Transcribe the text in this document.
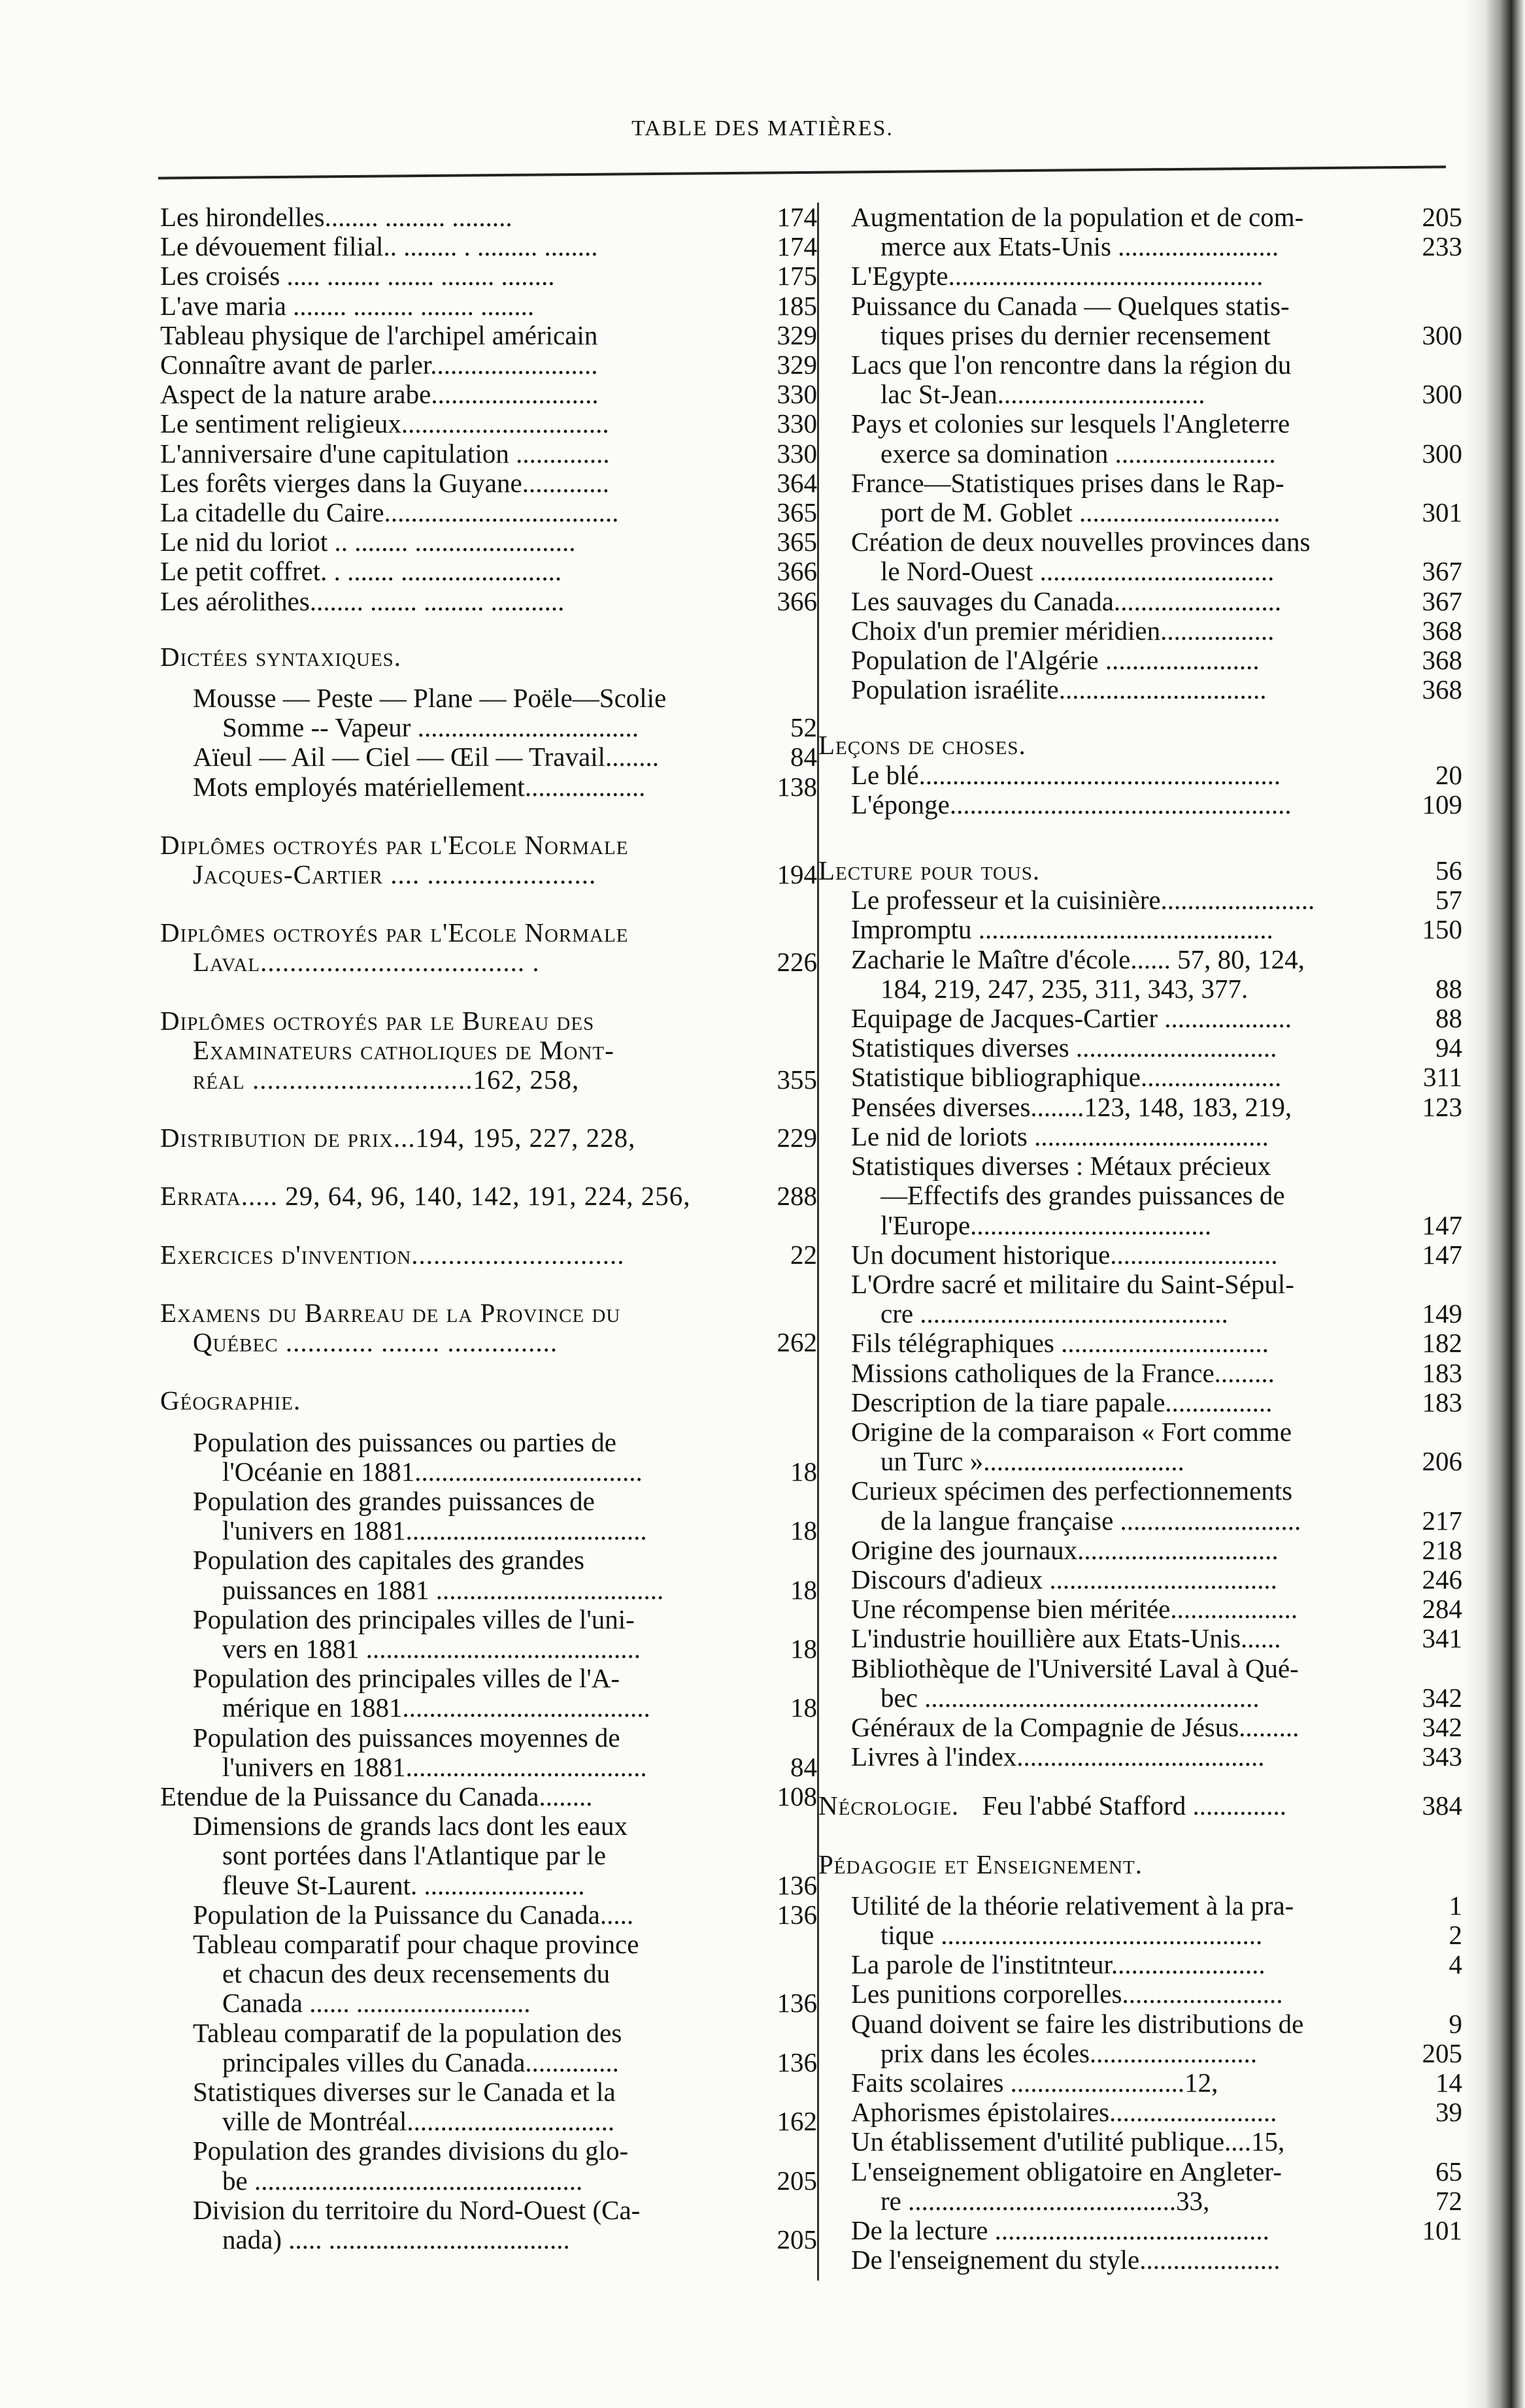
TABLE DES MATIÈRES.
Les hirondelles........ ......... .........	174
Le dévouement filial.. ........ . ......... ........	174
Les croisés ..... ........ ....... ........ ........	175
L'ave maria ........ ......... ........ ........	185
Tableau physique de l'archipel américain	329
Connaître avant de parler.........................	329
Aspect de la nature arabe.........................	330
Le sentiment religieux...............................	330
L'anniversaire d'une capitulation ..............	330
Les forêts vierges dans la Guyane.............	364
La citadelle du Caire...................................	365
Le nid du loriot .. ........ ........................	365
Le petit coffret. . ....... ........................	366
Les aérolithes........ ....... ......... ...........	366
Dictées syntaxiques.
Mousse — Peste — Plane — Poële—Scolie
Somme -- Vapeur .................................	52
Aïeul — Ail — Ciel — Œil — Travail........	84
Mots employés matériellement..................	138
Diplômes octroyés par l'Ecole Normale
Jacques-Cartier .... .......................	194
Diplômes octroyés par l'Ecole Normale
Laval.................................... .	226
Diplômes octroyés par le Bureau des
Examinateurs catholiques de Mont-
réal ..............................162, 258,	355
Distribution de prix...194, 195, 227, 228,	229
Errata..... 29, 64, 96, 140, 142, 191, 224, 256,	288
Exercices d'invention.............................	22
Examens du Barreau de la Province du
Québec ............ ........ ...............	262
Géographie.
Population des puissances ou parties de
l'Océanie en 1881..................................	18
Population des grandes puissances de
l'univers en 1881....................................	18
Population des capitales des grandes
puissances en 1881 ..................................	18
Population des principales villes de l'uni-
vers en 1881 .........................................	18
Population des principales villes de l'A-
mérique en 1881.....................................	18
Population des puissances moyennes de
l'univers en 1881....................................	84
Etendue de la Puissance du Canada........	108
Dimensions de grands lacs dont les eaux
sont portées dans l'Atlantique par le
fleuve St-Laurent. ........................	136
Population de la Puissance du Canada.....	136
Tableau comparatif pour chaque province
et chacun des deux recensements du
Canada ...... ..........................	136
Tableau comparatif de la population des
principales villes du Canada..............	136
Statistiques diverses sur le Canada et la
ville de Montréal...............................	162
Population des grandes divisions du glo-
be .................................................	205
Division du territoire du Nord-Ouest (Ca-
nada) ..... ....................................	205
Augmentation de la population et de com-	205
merce aux Etats-Unis ........................	233
L'Egypte...............................................
Puissance du Canada — Quelques statis-
tiques prises du dernier recensement	300
Lacs que l'on rencontre dans la région du
lac St-Jean...............................	300
Pays et colonies sur lesquels l'Angleterre
exerce sa domination ........................	300
France—Statistiques prises dans le Rap-
port de M. Goblet ..............................	301
Création de deux nouvelles provinces dans
le Nord-Ouest ...................................	367
Les sauvages du Canada.........................	367
Choix d'un premier méridien.................	368
Population de l'Algérie .......................	368
Population israélite...............................	368
Leçons de choses.
Le blé......................................................	20
L'éponge...................................................	109
Lecture pour tous.	56
Le professeur et la cuisinière.......................	57
Impromptu ............................................	150
Zacharie le Maître d'école...... 57, 80, 124,
184, 219, 247, 235, 311, 343, 377.	88
Equipage de Jacques-Cartier ...................	88
Statistiques diverses ..............................	94
Statistique bibliographique.....................	311
Pensées diverses........123, 148, 183, 219,	123
Le nid de loriots ...................................
Statistiques diverses : Métaux précieux
—Effectifs des grandes puissances de
l'Europe....................................	147
Un document historique.........................	147
L'Ordre sacré et militaire du Saint-Sépul-
cre ..............................................	149
Fils télégraphiques ...............................	182
Missions catholiques de la France.........	183
Description de la tiare papale................	183
Origine de la comparaison « Fort comme
un Turc »..............................	206
Curieux spécimen des perfectionnements
de la langue française ...........................	217
Origine des journaux..............................	218
Discours d'adieux ..................................	246
Une récompense bien méritée...................	284
L'industrie houillière aux Etats-Unis......	341
Bibliothèque de l'Université Laval à Qué-
bec ..................................................	342
Généraux de la Compagnie de Jésus.........	342
Livres à l'index.....................................	343
Nécrologie. Feu l'abbé Stafford ..............	384
Pédagogie et Enseignement.
Utilité de la théorie relativement à la pra-	1
tique ................................................	2
La parole de l'institnteur.......................	4
Les punitions corporelles........................
Quand doivent se faire les distributions de	9
prix dans les écoles.........................	205
Faits scolaires ..........................12,	14
Aphorismes épistolaires.........................	39
Un établissement d'utilité publique....15,
L'enseignement obligatoire en Angleter-	65
re ........................................33,	72
De la lecture .........................................	101
De l'enseignement du style.....................
